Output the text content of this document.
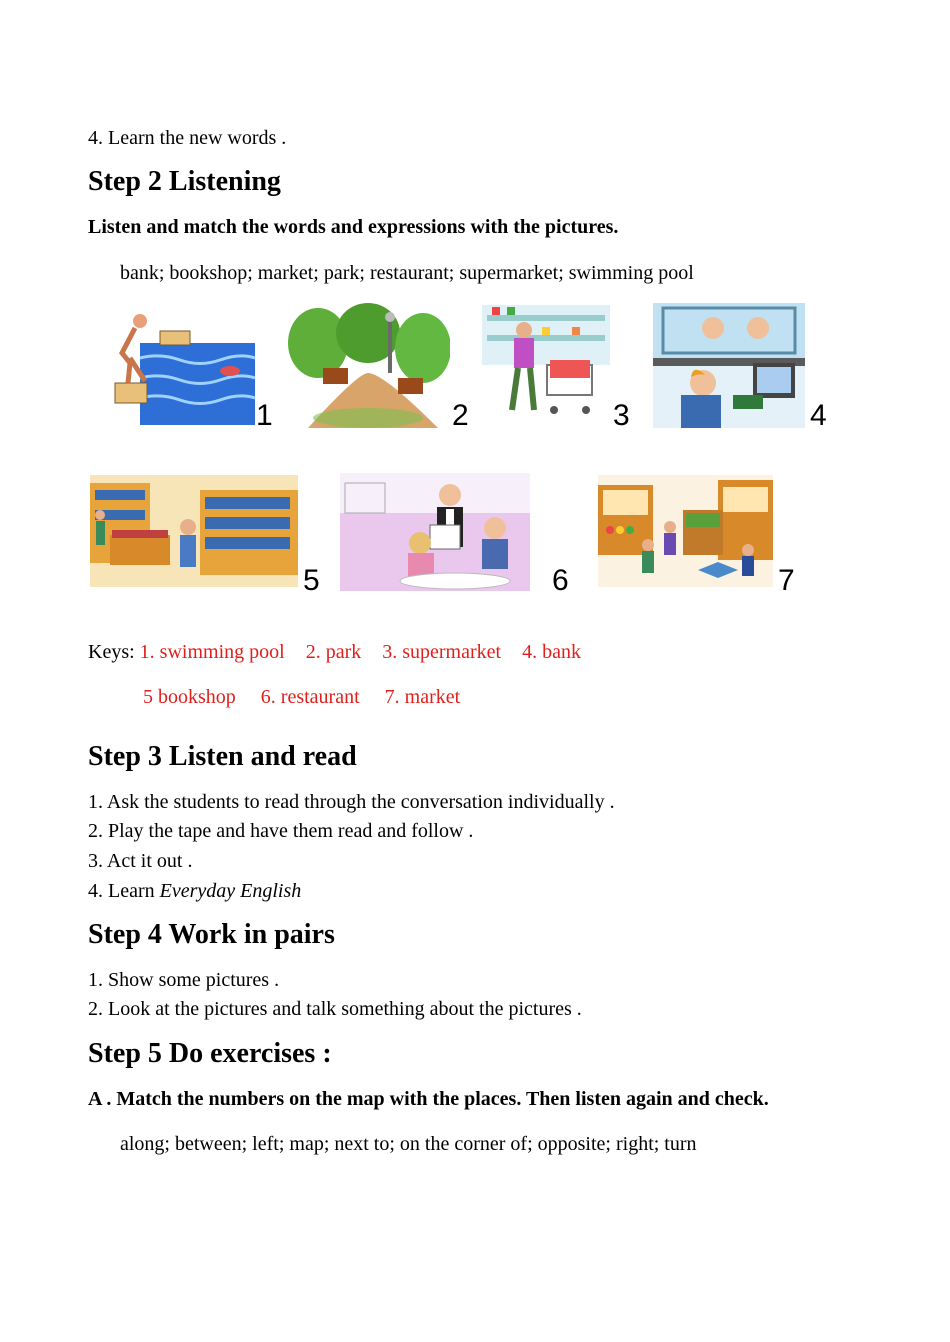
4. Learn the new words .
Step 2 Listening
Listen and match the words and expressions with the pictures.
bank; bookshop; market; park; restaurant; supermarket; swimming pool
1	2	3	4
5	6	7
Keys: 1. swimming pool 2. park 3. supermarket 4. bank
5 bookshop 6. restaurant 7. market
Step 3 Listen and read
1. Ask the students to read through the conversation individually .
2. Play the tape and have them read and follow .
3. Act it out .
4. Learn Everyday English
Step 4 Work in pairs
1. Show some pictures .
2. Look at the pictures and talk something about the pictures .
Step 5 Do exercises :
A . Match the numbers on the map with the places. Then listen again and check.
along; between; left; map; next to; on the corner of; opposite; right; turn
